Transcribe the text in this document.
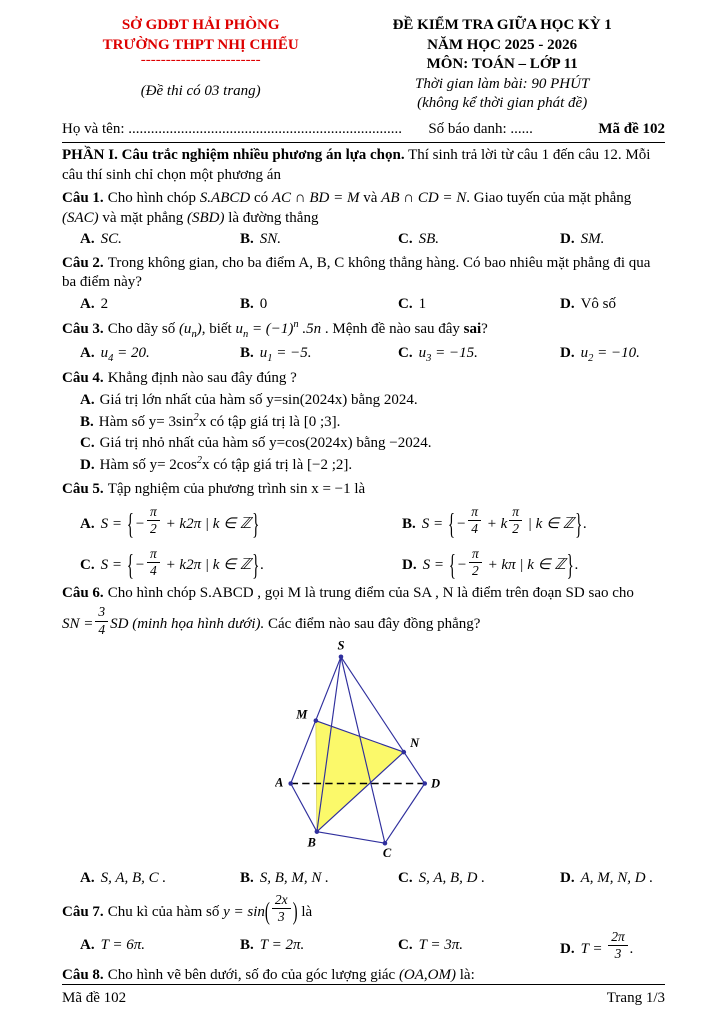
SỞ GDĐT HẢI PHÒNG
TRƯỜNG THPT NHỊ CHIỂU
------------------------
(Đề thi có 03 trang)
ĐỀ KIỂM TRA GIỮA HỌC KỲ 1
NĂM HỌC 2025 - 2026
MÔN: TOÁN – LỚP 11
Thời gian làm bài: 90 PHÚT
(không kể thời gian phát đề)
Họ và tên: .........................................................................	Số báo danh: ......	Mã đề 102

PHẦN I. Câu trắc nghiệm nhiều phương án lựa chọn. Thí sinh trả lời từ câu 1 đến câu 12. Mỗi câu thí sinh chỉ chọn một phương án

Câu 1. Cho hình chóp S.ABCD có AC ∩ BD = M và AB ∩ CD = N. Giao tuyến của mặt phẳng (SAC) và mặt phẳng (SBD) là đường thẳng

A. SC.	B. SN.	C. SB.	D. SM.

Câu 2. Trong không gian, cho ba điểm A, B, C không thẳng hàng. Có bao nhiêu mặt phẳng đi qua ba điểm này?

A. 2	B. 0	C. 1	D. Vô số

Câu 3. Cho dãy số $(u_n)$, biết $u_n = (-1)^n$ .5n . Mệnh đề nào sau đây sai?

A. $u_4 = 20$.	B. $u_1 = -5$.	C. $u_3 = -15$.	D. $u_2 = -10$.

Câu 4. Khẳng định nào sau đây đúng ?

A. Giá trị lớn nhất của hàm số y=sin(2024x) bằng 2024.

B. Hàm số $y= 3\sin^2x$ có tập giá trị là [0 ;3].

C. Giá trị nhỏ nhất của hàm số y=cos(2024x) bằng −2024.

D. Hàm số $y= 2\cos^2x$ có tập giá trị là [−2 ;2].

Câu 5. Tập nghiệm của phương trình sin x = −1 là

A. S = {− $\frac{\pi}{2} + k2\pi$ | k ∈ ℤ}	B. S = {− $\frac{\pi}{4} + k \frac{\pi}{2}$ | k ∈ ℤ}.
C. S = {− $\frac{\pi}{4} + k2\pi$ | k ∈ ℤ}.	D. S = {− $\frac{\pi}{2} + k\pi$ | k ∈ ℤ}.

Câu 6. Cho hình chóp S.ABCD , gọi M là trung điểm của SA , N là điểm trên đoạn SD sao cho

SN = $\frac{3}{4}$ SD (minh họa hình dưới). Các điểm nào sau đây đồng phẳng?

S
M
N
A	D
B
C
A. S, A, B, C .	B. S, B, M, N .	C. S, A, B, D .	D. A, M, N, D .

Câu 7. Chu kì của hàm số $y = \sin( \frac{2x}{3}$ ) là

A. T = 6π.	B. T = 2π.	C. T = 3π.	D. $T = \frac{2\pi}{3}$ .

Câu 8. Cho hình vẽ bên dưới, số đo của góc lượng giác (OA,OM) là:

Mã đề 102	Trang 1/3
